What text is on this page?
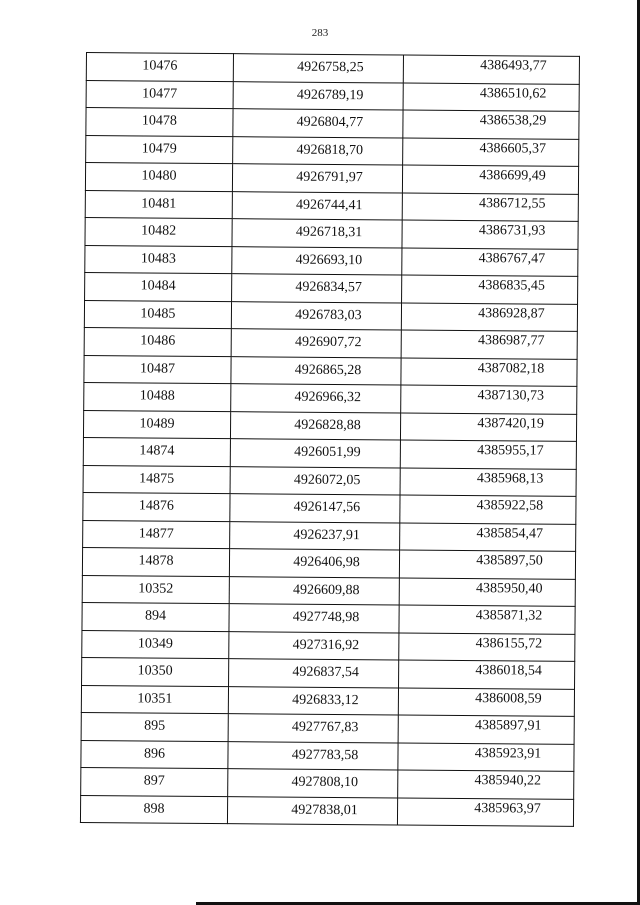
283
10476	4926758,25	4386493,77
10477	4926789,19	4386510,62
10478	4926804,77	4386538,29
10479	4926818,70	4386605,37
10480	4926791,97	4386699,49
10481	4926744,41	4386712,55
10482	4926718,31	4386731,93
10483	4926693,10	4386767,47
10484	4926834,57	4386835,45
10485	4926783,03	4386928,87
10486	4926907,72	4386987,77
10487	4926865,28	4387082,18
10488	4926966,32	4387130,73
10489	4926828,88	4387420,19
14874	4926051,99	4385955,17
14875	4926072,05	4385968,13
14876	4926147,56	4385922,58
14877	4926237,91	4385854,47
14878	4926406,98	4385897,50
10352	4926609,88	4385950,40
894	4927748,98	4385871,32
10349	4927316,92	4386155,72
10350	4926837,54	4386018,54
10351	4926833,12	4386008,59
895	4927767,83	4385897,91
896	4927783,58	4385923,91
897	4927808,10	4385940,22
898	4927838,01	4385963,97
